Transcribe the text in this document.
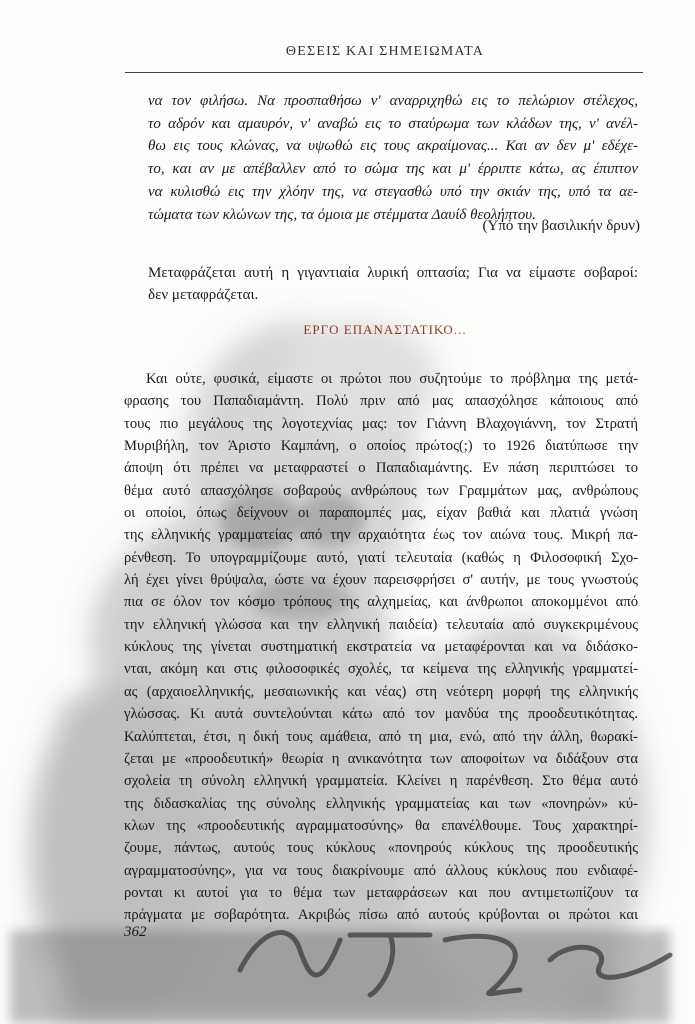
ΘΕΣΕΙΣ ΚΑΙ ΣΗΜΕΙΩΜΑΤΑ
να τον φιλήσω. Να προσπαθήσω ν' αναρριχηθώ εις το πελώριον στέλεχος,
το αδρόν και αμαυρόν, ν' αναβώ εις το σταύρωμα των κλάδων της, ν' ανέλ-
θω εις τους κλώνας, να υψωθώ εις τους ακραίμονας... Και αν δεν μ' εδέχε-
το, και αν με απέβαλλεν από το σώμα της και μ' έρριπτε κάτω, ας έπιπτον
να κυλισθώ εις την χλόην της, να στεγασθώ υπό την σκιάν της, υπό τα αε-
τώματα των κλώνων της, τα όμοια με στέμματα Δαυίδ θεολήπτου.
(Υπό την βασιλικήν δρυν)
Μεταφράζεται αυτή η γιγαντιαία λυρική οπτασία; Για να είμαστε σοβαροί:
δεν μεταφράζεται.
ΕΡΓΟ ΕΠΑΝΑΣΤΑΤΙΚΟ...
Και ούτε, φυσικά, είμαστε οι πρώτοι που συζητούμε το πρόβλημα της μετά-
φρασης του Παπαδιαμάντη. Πολύ πριν από μας απασχόλησε κάποιους από
τους πιο μεγάλους της λογοτεχνίας μας: τον Γιάννη Βλαχογιάννη, τον Στρατή
Μυριβήλη, τον Άριστο Καμπάνη, ο οποίος πρώτος(;) το 1926 διατύπωσε την
άποψη ότι πρέπει να μεταφραστεί ο Παπαδιαμάντης. Εν πάση περιπτώσει το
θέμα αυτό απασχόλησε σοβαρούς ανθρώπους των Γραμμάτων μας, ανθρώπους
οι οποίοι, όπως δείχνουν οι παραπομπές μας, είχαν βαθιά και πλατιά γνώση
της ελληνικής γραμματείας από την αρχαιότητα έως τον αιώνα τους. Μικρή πα-
ρένθεση. Το υπογραμμίζουμε αυτό, γιατί τελευταία (καθώς η Φιλοσοφική Σχο-
λή έχει γίνει θρύψαλα, ώστε να έχουν παρεισφρήσει σ' αυτήν, με τους γνωστούς
πια σε όλον τον κόσμο τρόπους της αλχημείας, και άνθρωποι αποκομμένοι από
την ελληνική γλώσσα και την ελληνική παιδεία) τελευταία από συγκεκριμένους
κύκλους της γίνεται συστηματική εκστρατεία να μεταφέρονται και να διδάσκο-
νται, ακόμη και στις φιλοσοφικές σχολές, τα κείμενα της ελληνικής γραμματεί-
ας (αρχαιοελληνικής, μεσαιωνικής και νέας) στη νεότερη μορφή της ελληνικής
γλώσσας. Κι αυτά συντελούνται κάτω από τον μανδύα της προοδευτικότητας.
Καλύπτεται, έτσι, η δική τους αμάθεια, από τη μια, ενώ, από την άλλη, θωρακί-
ζεται με «προοδευτική» θεωρία η ανικανότητα των αποφοίτων να διδάξουν στα
σχολεία τη σύνολη ελληνική γραμματεία. Κλείνει η παρένθεση. Στο θέμα αυτό
της διδασκαλίας της σύνολης ελληνικής γραμματείας και των «πονηρών» κύ-
κλων της «προοδευτικής αγραμματοσύνης» θα επανέλθουμε. Τους χαρακτηρί-
ζουμε, πάντως, αυτούς τους κύκλους «πονηρούς κύκλους της προοδευτικής
αγραμματοσύνης», για να τους διακρίνουμε από άλλους κύκλους που ενδιαφέ-
ρονται κι αυτοί για το θέμα των μεταφράσεων και που αντιμετωπίζουν τα
πράγματα με σοβαρότητα. Ακριβώς πίσω από αυτούς κρύβονται οι πρώτοι και
362
